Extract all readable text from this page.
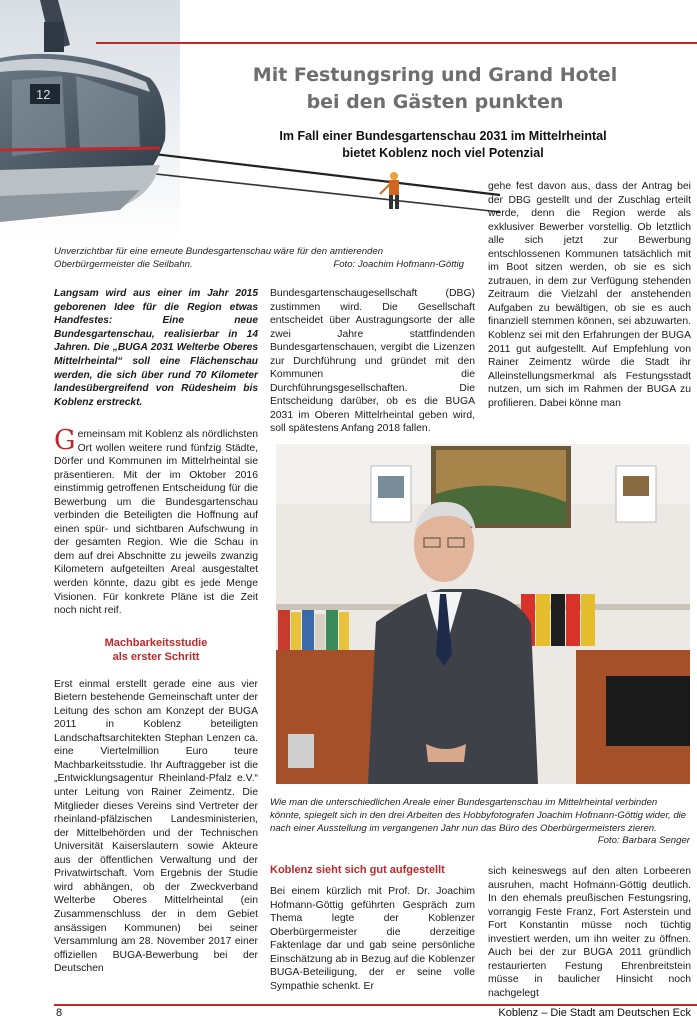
12
Mit Festungsring und Grand Hotel
bei den Gästen punkten
Im Fall einer Bundesgartenschau 2031 im Mittelrheintal
bietet Koblenz noch viel Potenzial
Unverzichtbar für eine erneute Bundesgartenschau wäre für den amtierenden Oberbürgermeister die Seilbahn.	Foto: Joachim Hofmann-Göttig
Langsam wird aus einer im Jahr 2015 geborenen Idee für die Region etwas Handfestes: Eine neue Bundesgartenschau, realisierbar in 14 Jahren. Die „BUGA 2031 Welterbe Oberes Mittelrheintal“ soll eine Flächenschau werden, die sich über rund 70 Kilometer landesübergreifend von Rüdesheim bis Koblenz erstreckt.

Gemeinsam mit Koblenz als nördlichsten Ort wollen weitere rund fünfzig Städte, Dörfer und Kommunen im Mittelrheintal sie präsentieren. Mit der im Oktober 2016 einstimmig getroffenen Entscheidung für die Bewerbung um die Bundesgartenschau verbinden die Beteiligten die Hoffnung auf einen spür- und sichtbaren Aufschwung in der gesamten Region. Wie die Schau in dem auf drei Abschnitte zu jeweils zwanzig Kilometern aufgeteilten Areal ausgestaltet werden könnte, dazu gibt es jede Menge Visionen. Für konkrete Pläne ist die Zeit noch nicht reif.

Machbarkeitsstudie
als erster Schritt

Erst einmal erstellt gerade eine aus vier Bietern bestehende Gemeinschaft unter der Leitung des schon am Konzept der BUGA 2011 in Koblenz beteiligten Landschaftsarchitekten Stephan Lenzen ca. eine Viertelmillion Euro teure Machbarkeitsstudie. Ihr Auftraggeber ist die „Entwicklungsagentur Rheinland-Pfalz e.V.“ unter Leitung von Rainer Zeimentz. Die Mitglieder dieses Vereins sind Vertreter der rheinland-pfälzischen Landesministerien, der Mittelbehörden und der Technischen Universität Kaiserslautern sowie Akteure aus der öffentlichen Verwaltung und der Privatwirtschaft. Vom Ergebnis der Studie wird abhängen, ob der Zweckverband Welterbe Oberes Mittelrheintal (ein Zusammenschluss der in dem Gebiet ansässigen Kommunen) bei seiner Versammlung am 28. November 2017 einer offiziellen BUGA-Bewerbung bei der Deutschen

Bundesgartenschaugesellschaft (DBG) zustimmen wird. Die Gesellschaft entscheidet über Austragungsorte der alle zwei Jahre stattfindenden Bundesgartenschauen, vergibt die Lizenzen zur Durchführung und gründet mit den Kommunen die Durchführungsgesellschaften. Die Entscheidung darüber, ob es die BUGA 2031 im Oberen Mittelrheintal geben wird, soll spätestens Anfang 2018 fallen.
gehe fest davon aus, dass der Antrag bei der DBG gestellt und der Zuschlag erteilt werde, denn die Region werde als exklusiver Bewerber vorstellig. Ob letztlich alle sich jetzt zur Bewerbung entschlossenen Kommunen tatsächlich mit im Boot sitzen werden, ob sie es sich zutrauen, in dem zur Verfügung stehenden Zeitraum die Vielzahl der anstehenden Aufgaben zu bewältigen, ob sie es auch finanziell stemmen können, sei abzuwarten. Koblenz sei mit den Erfahrungen der BUGA 2011 gut aufgestellt. Auf Empfehlung von Rainer Zeimentz würde die Stadt ihr Alleinstellungsmerkmal als Festungsstadt nutzen, um sich im Rahmen der BUGA zu profilieren. Dabei könne man
Wie man die unterschiedlichen Areale einer Bundesgartenschau im Mittelrheintal verbinden könnte, spiegelt sich in den drei Arbeiten des Hobbyfotografen Joachim Hofmann-Göttig wider, die nach einer Ausstellung im vergangenen Jahr nun das Büro des Oberbürgermeisters zieren.
Foto: Barbara Senger
Koblenz sieht sich gut aufgestellt
Bei einem kürzlich mit Prof. Dr. Joachim Hofmann-Göttig geführten Gespräch zum Thema legte der Koblenzer Oberbürgermeister die derzeitige Faktenlage dar und gab seine persönliche Einschätzung ab in Bezug auf die Koblenzer BUGA-Beteiligung, der er seine volle Sympathie schenkt. Er
sich keineswegs auf den alten Lorbeeren ausruhen, macht Hofmann-Göttig deutlich. In den ehemals preußischen Festungsring, vorrangig Feste Franz, Fort Asterstein und Fort Konstantin müsse noch tüchtig investiert werden, um ihn weiter zu öffnen. Auch bei der zur BUGA 2011 gründlich restaurierten Festung Ehrenbreitstein müsse in baulicher Hinsicht noch nachgelegt
8	Koblenz – Die Stadt am Deutschen Eck
